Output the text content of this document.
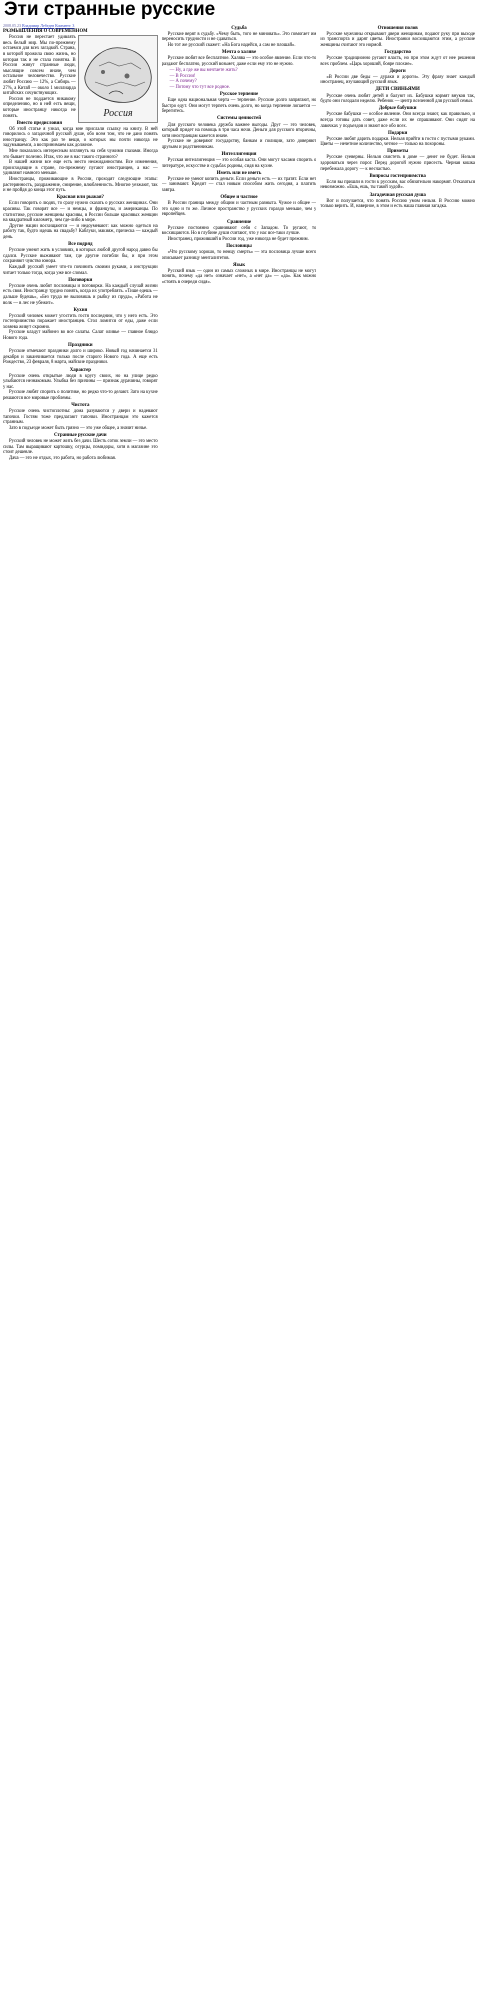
Эти странные русские
2008.05.23 Владимир Лебедев Коммент: 3
РАЗМЫШЛЕНИЯ О СОВРЕМЕННОМ
Россия

Россия не перестает удивлять весь белый мир. Мы по-прежнему остаемся для всех загадкой. Страна, в которой прожила свою жизнь, но которая так и не стала понятна. В России живут странные люди, мыслящие совсем иначе, чем остальное человечество. Русские любят Россию — 12%, а Сибирь — 27%, а Китай — около 1 миллиарда китайских сочувствующих.

Россия не поддается никакому определению, но в ней есть вещи, которые иностранцу никогда не понять.

Вместо предисловия

Об этой статье я узнал, когда мне прислали ссылку на книгу. В ней говорилось о загадочной русской душе, обо всем том, что не дано понять иностранцу. Это как раз те вещи, о которых мы почти никогда не задумываемся, а воспринимаем как должное.

Мне показалось интересным взглянуть на себя чужими глазами. Иногда это бывает полезно. Итак, что же в нас такого странного?

В нашей жизни все еще есть место неожиданностям. Все изменения, происходящие в стране, по-прежнему пугают иностранцев, а нас — удивляют намного меньше.

Иностранцы, проживающие в России, проходят следующие этапы: растерянность, раздражение, смирение, влюбленность. Многие уезжают, так и не пройдя до конца этот путь.

Красная или рыжая?

Если говорить о людях, то сразу нужно сказать о русских женщинах. Они красивы. Так говорят все — и немцы, и французы, и американцы. По статистике, русские женщины красивы, в России больше красивых женщин на квадратный километр, чем где-либо в мире.

Другие нации восхищаются — и недоумевают: как можно одеться на работу так, будто идешь на свадьбу? Каблуки, макияж, прическа — каждый день.

Все подряд

Русские умеют жить в условиях, в которых любой другой народ давно бы сдался. Русские выживают там, где другие погибли бы, и при этом сохраняют чувство юмора.

Каждый русский умеет что-то починить своими руками, а инструкции читает только тогда, когда уже все сломал.

Поговорки

Русские очень любят пословицы и поговорки. На каждый случай жизни есть своя. Иностранцу трудно понять, когда их употреблять. «Тише едешь — дальше будешь», «Без труда не выловишь и рыбку из пруда», «Работа не волк — в лес не убежит».

Кухня

Русский человек может угостить гостя последним, что у него есть. Это гостеприимство поражает иностранцев. Стол ломится от еды, даже если хозяева живут скромно.

Русские кладут майонез во все салаты. Салат оливье — главное блюдо Нового года.

Праздники

Русские отмечают праздники долго и широко. Новый год начинается 31 декабря и заканчивается только после старого Нового года. А еще есть Рождество, 23 февраля, 8 марта, майские праздники.

Характер

Русские очень открытые люди в кругу своих, но на улице редко улыбаются незнакомым. Улыбка без причины — признак дурачины, говорят у нас.

Русские любят спорить о политике, но редко что-то делают. Зато на кухне решаются все мировые проблемы.

Чистота

Русские очень чистоплотны: дома разуваются у двери и надевают тапочки. Гостям тоже предлагают тапочки. Иностранцам это кажется странным.

Зато в подъезде может быть грязно — это уже общее, а значит ничье.

Странные русские дачи

Русский человек не может жить без дачи. Шесть соток земли — это место силы. Там выращивают картошку, огурцы, помидоры, хотя в магазине это стоит дешевле.

Дача — это не отдых, это работа, но работа любимая.

Судьба

Русские верят в судьбу. «Чему быть, того не миновать». Это помогает им переносить трудности и не сдаваться.

Но тот же русский скажет: «На Бога надейся, а сам не плошай».

Мечта о халяве

Русские любят все бесплатное. Халява — это особое явление. Если что-то раздают бесплатно, русский возьмет, даже если ему это не нужно.

— Ну, а где же вы мечтаете жить?
— В России!
— А почему?
— Потому что тут все родное.
Русское терпение

Еще одна национальная черта — терпение. Русские долго запрягают, но быстро едут. Они могут терпеть очень долго, но когда терпение лопается — берегитесь.

Системы ценностей

Для русского человека дружба важнее выгоды. Друг — это человек, который придет на помощь в три часа ночи. Деньги для русского вторичны, хотя иностранцам кажется иначе.

Русские не доверяют государству, банкам и полиции, зато доверяют друзьям и родственникам.

Интеллигенция

Русская интеллигенция — это особая каста. Они могут часами спорить о литературе, искусстве и судьбах родины, сидя на кухне.

Иметь или не иметь

Русские не умеют копить деньги. Если деньги есть — их тратят. Если нет — занимают. Кредит — стал новым способом жить сегодня, а платить завтра.

Общее и частное

В России граница между общим и частным размыта. Чужое и общее — это одно и то же. Личное пространство у русских гораздо меньше, чем у европейцев.

Сравнение

Русские постоянно сравнивают себя с Западом. То ругают, то восхищаются. Но в глубине души считают, что у нас все-таки лучше.

Иностранец, проживший в России год, уже никогда не будет прежним.

Пословицы

«Что русскому хорошо, то немцу смерть» — эта пословица лучше всего описывает разницу менталитетов.

Язык

Русский язык — один из самых сложных в мире. Иностранцы не могут понять, почему «да нет» означает «нет», а «нет да» — «да». Как можно «стоять в очереди сидя».

Отношения полов

Русские мужчины открывают двери женщинам, подают руку при выходе из транспорта и дарят цветы. Иностранки восхищаются этим, а русские женщины считают это нормой.

Государство

Русские традиционно ругают власть, но при этом ждут от нее решения всех проблем. «Царь хороший, бояре плохие».

Дороги

«В России две беды — дураки и дороги». Эту фразу знает каждый иностранец, изучающий русский язык.

ДЕТИ СВИНЬЯМИ

Русские очень любят детей и балуют их. Бабушки кормят внуков так, будто они голодали неделю. Ребенок — центр вселенной для русской семьи.

Добрые бабушки

Русские бабушки — особое явление. Они всегда знают, как правильно, и всегда готовы дать совет, даже если их не спрашивают. Они сидят на лавочках у подъездов и знают все обо всех.

Подарки

Русские любят дарить подарки. Нельзя прийти в гости с пустыми руками. Цветы — нечетное количество, четное — только на похороны.

Приметы

Русские суеверны. Нельзя свистеть в доме — денег не будет. Нельзя здороваться через порог. Перед дорогой нужно присесть. Черная кошка перебежала дорогу — к несчастью.

Вопросы гостеприимства

Если вы пришли в гости к русским, вас обязательно накормят. Отказаться невозможно. «Ешь, ешь, ты такой худой».

Загадочная русская душа

Вот и получается, что понять Россию умом нельзя. В Россию можно только верить. И, наверное, в этом и есть наша главная загадка.
